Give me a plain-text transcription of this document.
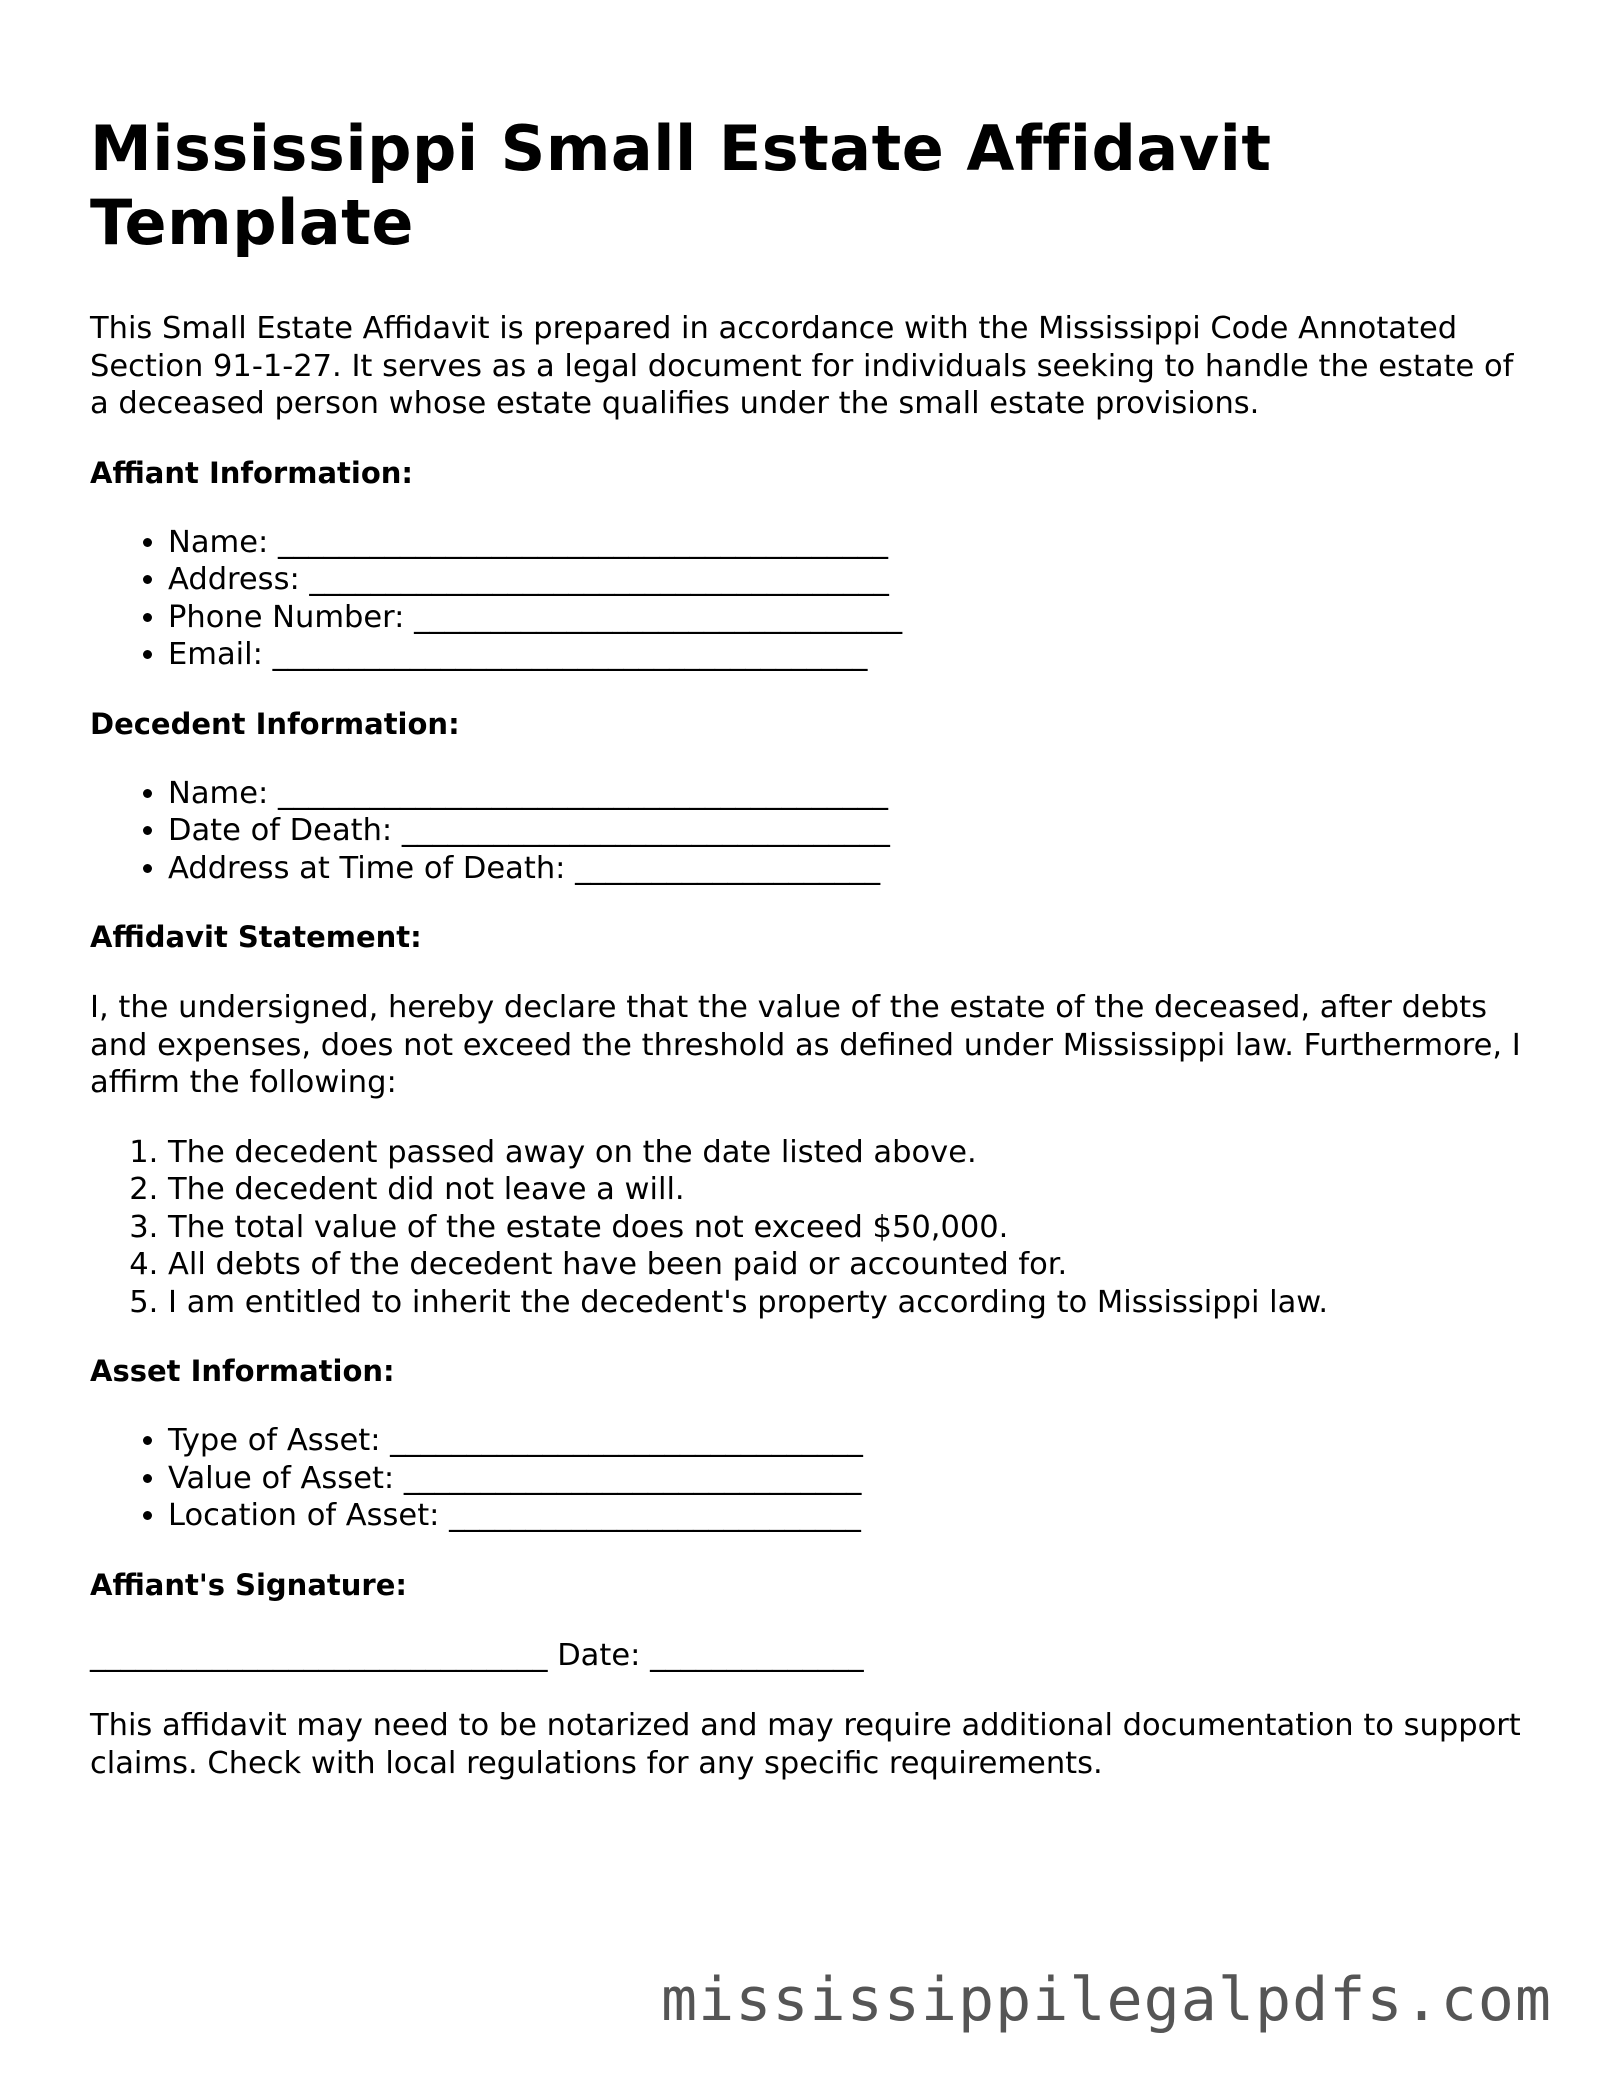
Mississippi Small Estate Affidavit Template

This Small Estate Affidavit is prepared in accordance with the Mississippi Code Annotated Section 91-1-27. It serves as a legal document for individuals seeking to handle the estate of a deceased person whose estate qualifies under the small estate provisions.

Affiant Information:
• Name: ________________________________________
• Address: ______________________________________
• Phone Number: ________________________________
• Email: _______________________________________
Decedent Information:
• Name: ________________________________________
• Date of Death: ________________________________
• Address at Time of Death: ____________________
Affidavit Statement:

I, the undersigned, hereby declare that the value of the estate of the deceased, after debts and expenses, does not exceed the threshold as defined under Mississippi law. Furthermore, I affirm the following:

1. The decedent passed away on the date listed above.
2. The decedent did not leave a will.
3. The total value of the estate does not exceed $50,000.
4. All debts of the decedent have been paid or accounted for.
5. I am entitled to inherit the decedent's property according to Mississippi law.
Asset Information:
• Type of Asset: _______________________________
• Value of Asset: ______________________________
• Location of Asset: ___________________________
Affiant's Signature:

______________________________ Date: ______________

This affidavit may need to be notarized and may require additional documentation to support claims. Check with local regulations for any specific requirements.

mississippilegalpdfs.com
